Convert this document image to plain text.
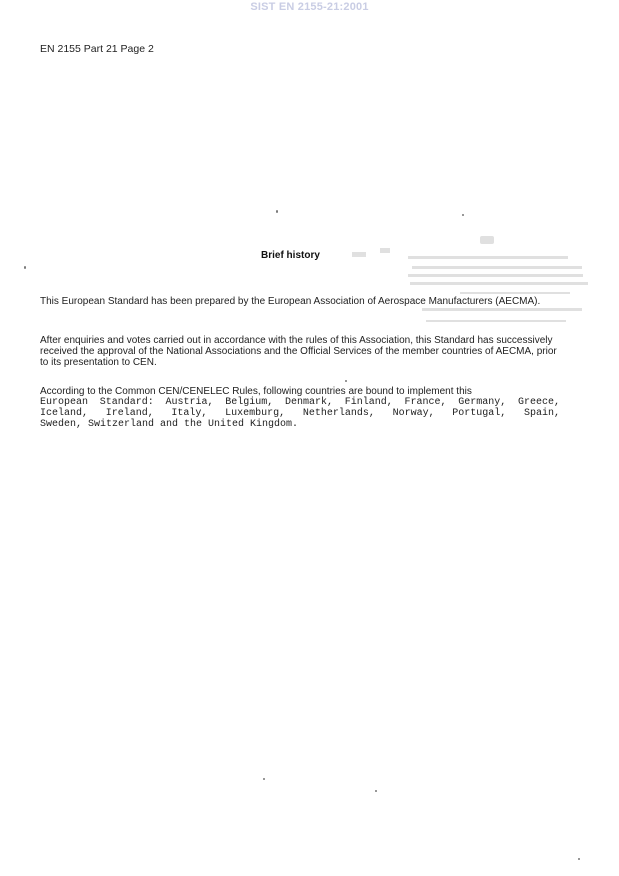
SIST EN 2155-21:2001
EN 2155 Part 21 Page 2
Brief history

This European Standard has been prepared by the European Association of Aerospace Manufacturers (AECMA).

After enquiries and votes carried out in accordance with the rules of this Association, this Standard has successively received the approval of the National Associations and the Official Services of the member countries of AECMA, prior to its presentation to CEN.

According to the Common CEN/CENELEC Rules, following countries are bound to implement this
European Standard: Austria, Belgium, Denmark, Finland, France, Germany, Greece,
Iceland, Ireland, Italy, Luxemburg, Netherlands, Norway, Portugal, Spain,
Sweden, Switzerland and the United Kingdom.
